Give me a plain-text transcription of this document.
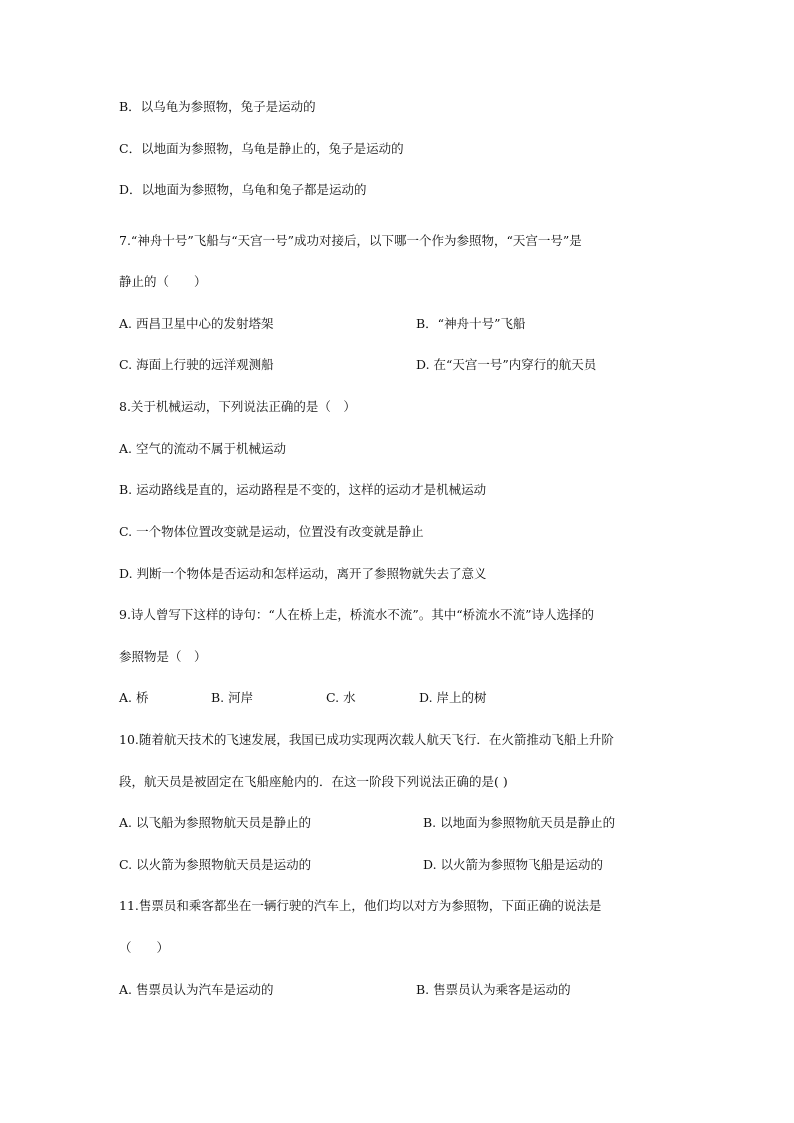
B．以乌龟为参照物，兔子是运动的
C．以地面为参照物，乌龟是静止的，兔子是运动的
D．以地面为参照物，乌龟和兔子都是运动的
7.“神舟十号”飞船与“天宫一号”成功对接后，以下哪一个作为参照物，“天宫一号”是
静止的（　　）
A. 西昌卫星中心的发射塔架	B．“神舟十号”飞船
C. 海面上行驶的远洋观测船	D. 在“天宫一号”内穿行的航天员
8.关于机械运动，下列说法正确的是（　）
A. 空气的流动不属于机械运动
B. 运动路线是直的，运动路程是不变的，这样的运动才是机械运动
C. 一个物体位置改变就是运动，位置没有改变就是静止
D. 判断一个物体是否运动和怎样运动，离开了参照物就失去了意义
9.诗人曾写下这样的诗句：“人在桥上走，桥流水不流”。其中“桥流水不流”诗人选择的
参照物是（　）
A. 桥	B. 河岸	C. 水	D. 岸上的树
10.随着航天技术的飞速发展，我国已成功实现两次载人航天飞行．在火箭推动飞船上升阶
段，航天员是被固定在飞船座舱内的．在这一阶段下列说法正确的是( )
A. 以飞船为参照物航天员是静止的	B. 以地面为参照物航天员是静止的
C. 以火箭为参照物航天员是运动的	D. 以火箭为参照物飞船是运动的
11.售票员和乘客都坐在一辆行驶的汽车上，他们均以对方为参照物，下面正确的说法是
（　　）
A. 售票员认为汽车是运动的	B. 售票员认为乘客是运动的
